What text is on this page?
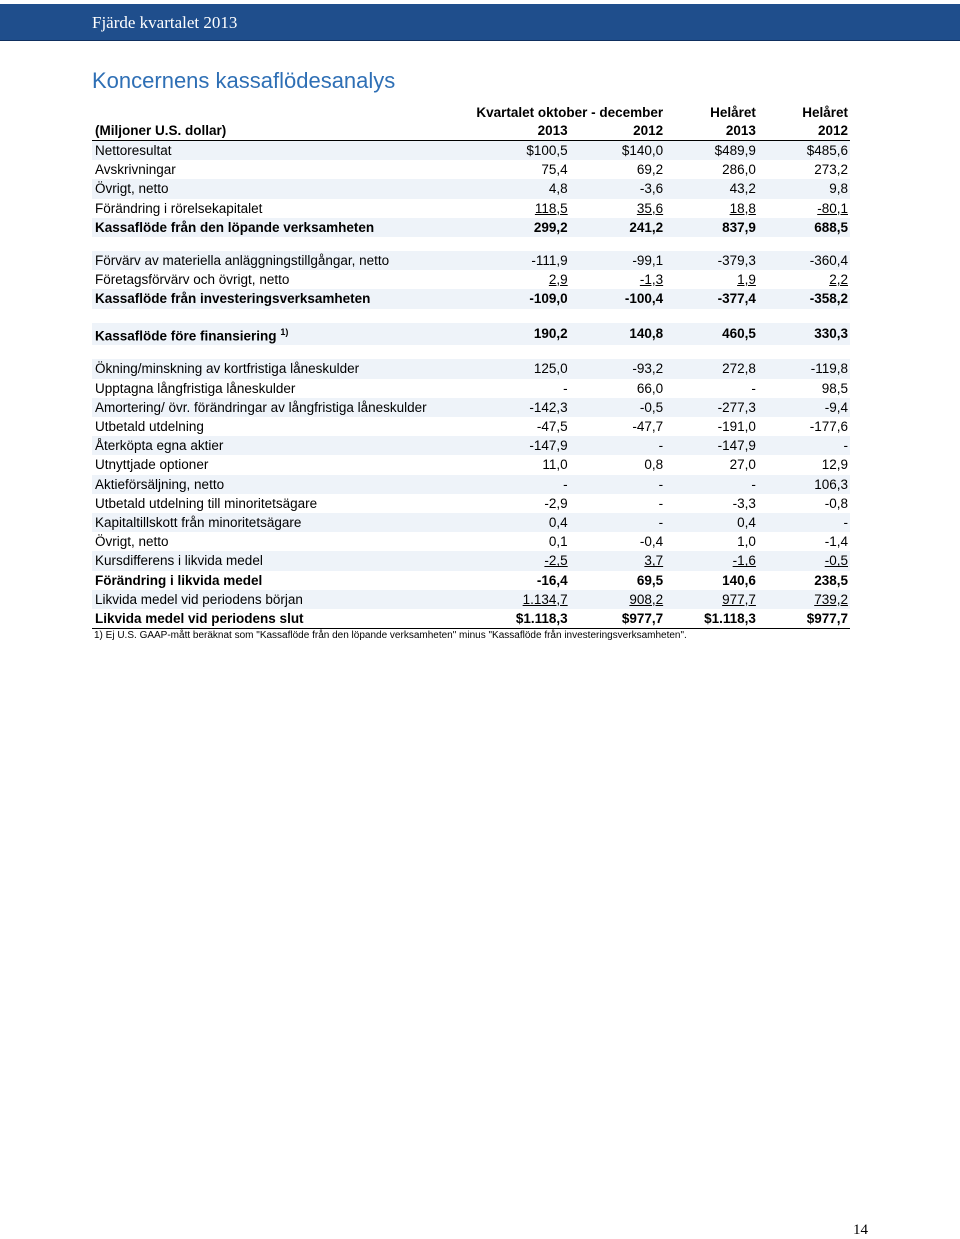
Fjärde kvartalet 2013
Koncernens kassaflödesanalys
	Kvartalet oktober - december		Helåret	Helåret
(Miljoner U.S. dollar)	2013	2012	2013	2012
Nettoresultat	$100,5	$140,0	$489,9	$485,6
Avskrivningar	75,4	69,2	286,0	273,2
Övrigt, netto	4,8	-3,6	43,2	9,8
Förändring i rörelsekapitalet	118,5	35,6	18,8	-80,1
Kassaflöde från den löpande verksamheten	299,2	241,2	837,9	688,5

Förvärv av materiella anläggningstillgångar, netto	-111,9	-99,1	-379,3	-360,4
Företagsförvärv och övrigt, netto	2,9	-1,3	1,9	2,2
Kassaflöde från investeringsverksamheten	-109,0	-100,4	-377,4	-358,2

Kassaflöde före finansiering $^{1)}$	190,2	140,8	460,5	330,3

Ökning/minskning av kortfristiga låneskulder	125,0	-93,2	272,8	-119,8
Upptagna långfristiga låneskulder	-	66,0	-	98,5
Amortering/ övr. förändringar av långfristiga låneskulder	-142,3	-0,5	-277,3	-9,4
Utbetald utdelning	-47,5	-47,7	-191,0	-177,6
Återköpta egna aktier	-147,9	-	-147,9	-
Utnyttjade optioner	11,0	0,8	27,0	12,9
Aktieförsäljning, netto	-	-	-	106,3
Utbetald utdelning till minoritetsägare	-2,9	-	-3,3	-0,8
Kapitaltillskott från minoritetsägare	0,4	-	0,4	-
Övrigt, netto	0,1	-0,4	1,0	-1,4
Kursdifferens i likvida medel	-2,5	3,7	-1,6	-0,5
Förändring i likvida medel	-16,4	69,5	140,6	238,5
Likvida medel vid periodens början	1.134,7	908,2	977,7	739,2
Likvida medel vid periodens slut	$1.118,3	$977,7	$1.118,3	$977,7
1) Ej U.S. GAAP-mått beräknat som "Kassaflöde från den löpande verksamheten" minus "Kassaflöde från investeringsverksamheten".
14
